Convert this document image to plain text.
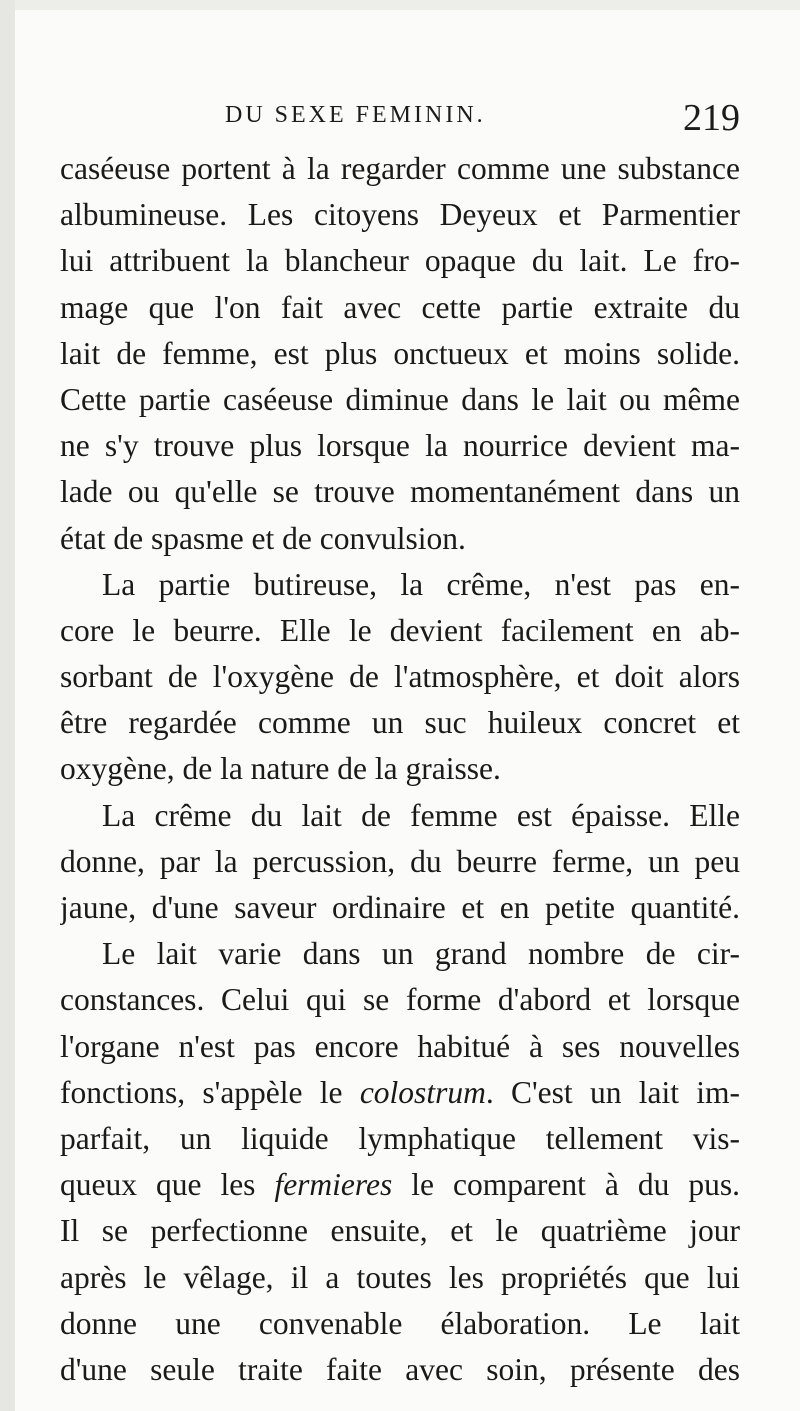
DU SEXE FEMININ.	219
caséeuse portent à la regarder comme une substance
albumineuse. Les citoyens Deyeux et Parmentier
lui attribuent la blancheur opaque du lait. Le fro-
mage que l'on fait avec cette partie extraite du
lait de femme, est plus onctueux et moins solide.
Cette partie caséeuse diminue dans le lait ou même
ne s'y trouve plus lorsque la nourrice devient ma-
lade ou qu'elle se trouve momentanément dans un
état de spasme et de convulsion.
La partie butireuse, la crême, n'est pas en-
core le beurre. Elle le devient facilement en ab-
sorbant de l'oxygène de l'atmosphère, et doit alors
être regardée comme un suc huileux concret et
oxygène, de la nature de la graisse.
La crême du lait de femme est épaisse. Elle
donne, par la percussion, du beurre ferme, un peu
jaune, d'une saveur ordinaire et en petite quantité.
Le lait varie dans un grand nombre de cir-
constances. Celui qui se forme d'abord et lorsque
l'organe n'est pas encore habitué à ses nouvelles
fonctions, s'appèle le colostrum. C'est un lait im-
parfait, un liquide lymphatique tellement vis-
queux que les fermieres le comparent à du pus.
Il se perfectionne ensuite, et le quatrième jour
après le vêlage, il a toutes les propriétés que lui
donne une convenable élaboration. Le lait
d'une seule traite faite avec soin, présente des
